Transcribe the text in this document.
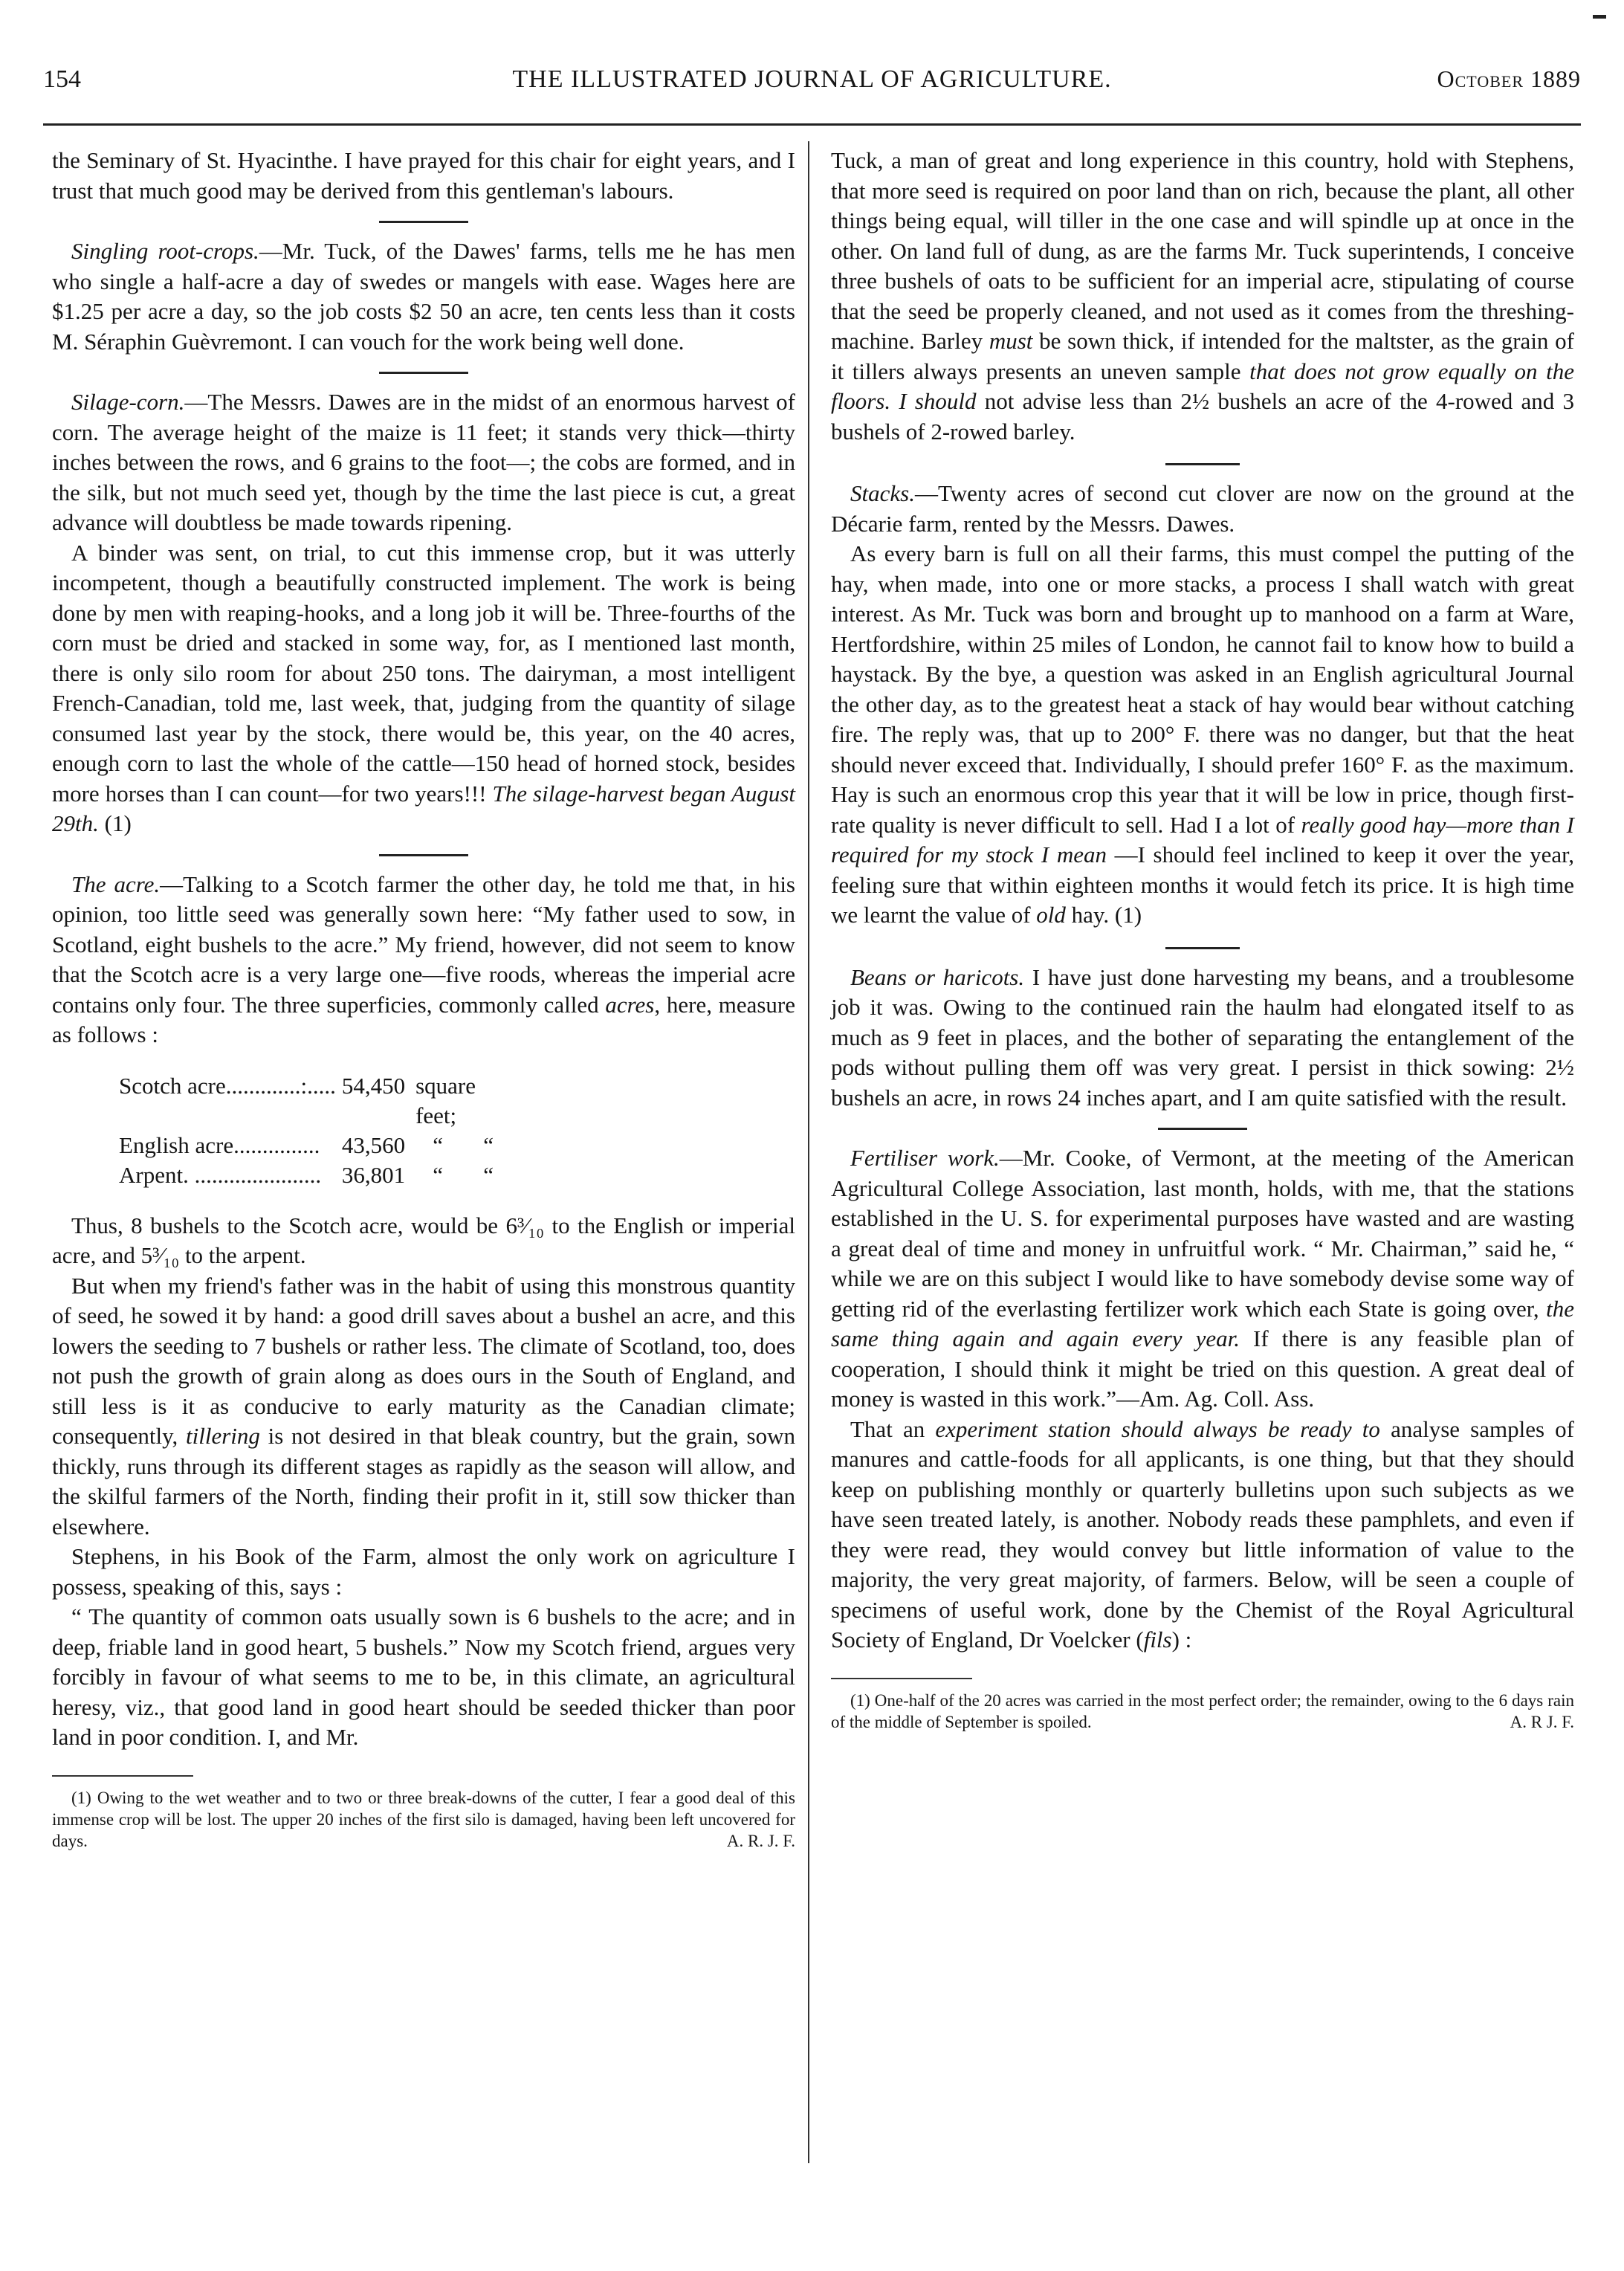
154	THE ILLUSTRATED JOURNAL OF AGRICULTURE.	October 1889

the Seminary of St. Hyacinthe. I have prayed for this chair for eight years, and I trust that much good may be derived from this gentleman's labours.

Singling root-crops.—Mr. Tuck, of the Dawes' farms, tells me he has men who single a half-acre a day of swedes or mangels with ease. Wages here are $1.25 per acre a day, so the job costs $2 50 an acre, ten cents less than it costs M. Séraphin Guèvremont. I can vouch for the work being well done.

Silage-corn.—The Messrs. Dawes are in the midst of an enormous harvest of corn. The average height of the maize is 11 feet; it stands very thick—thirty inches between the rows, and 6 grains to the foot—; the cobs are formed, and in the silk, but not much seed yet, though by the time the last piece is cut, a great advance will doubtless be made towards ripening.

A binder was sent, on trial, to cut this immense crop, but it was utterly incompetent, though a beautifully constructed implement. The work is being done by men with reaping-hooks, and a long job it will be. Three-fourths of the corn must be dried and stacked in some way, for, as I mentioned last month, there is only silo room for about 250 tons. The dairyman, a most intelligent French-Canadian, told me, last week, that, judging from the quantity of silage consumed last year by the stock, there would be, this year, on the 40 acres, enough corn to last the whole of the cattle—150 head of horned stock, besides more horses than I can count—for two years!!! The silage-harvest began August 29th. (1)

The acre.—Talking to a Scotch farmer the other day, he told me that, in his opinion, too little seed was generally sown here: “My father used to sow, in Scotland, eight bushels to the acre.” My friend, however, did not seem to know that the Scotch acre is a very large one—five roods, whereas the imperial acre contains only four. The three superficies, commonly called acres, here, measure as follows :

Scotch acre.............:.....	54,450	square feet;	
English acre...............	43,560	“	“
Arpent. ......................	36,801	“	“

Thus, 8 bushels to the Scotch acre, would be 6³⁄₁₀ to the English or imperial acre, and 5³⁄₁₀ to the arpent.

But when my friend's father was in the habit of using this monstrous quantity of seed, he sowed it by hand: a good drill saves about a bushel an acre, and this lowers the seeding to 7 bushels or rather less. The climate of Scotland, too, does not push the growth of grain along as does ours in the South of England, and still less is it as conducive to early maturity as the Canadian climate; consequently, tillering is not desired in that bleak country, but the grain, sown thickly, runs through its different stages as rapidly as the season will allow, and the skilful farmers of the North, finding their profit in it, still sow thicker than elsewhere.

Stephens, in his Book of the Farm, almost the only work on agriculture I possess, speaking of this, says :

“ The quantity of common oats usually sown is 6 bushels to the acre; and in deep, friable land in good heart, 5 bushels.” Now my Scotch friend, argues very forcibly in favour of what seems to me to be, in this climate, an agricultural heresy, viz., that good land in good heart should be seeded thicker than poor land in poor condition. I, and Mr.

(1) Owing to the wet weather and to two or three break-downs of the cutter, I fear a good deal of this immense crop will be lost. The upper 20 inches of the first silo is damaged, having been left uncovered for days.	A. R. J. F.

Tuck, a man of great and long experience in this country, hold with Stephens, that more seed is required on poor land than on rich, because the plant, all other things being equal, will tiller in the one case and will spindle up at once in the other. On land full of dung, as are the farms Mr. Tuck superintends, I conceive three bushels of oats to be sufficient for an imperial acre, stipulating of course that the seed be properly cleaned, and not used as it comes from the threshing-machine. Barley must be sown thick, if intended for the maltster, as the grain of it tillers always presents an uneven sample that does not grow equally on the floors. I should not advise less than 2½ bushels an acre of the 4-rowed and 3 bushels of 2-rowed barley.

Stacks.—Twenty acres of second cut clover are now on the ground at the Décarie farm, rented by the Messrs. Dawes.

As every barn is full on all their farms, this must compel the putting of the hay, when made, into one or more stacks, a process I shall watch with great interest. As Mr. Tuck was born and brought up to manhood on a farm at Ware, Hertfordshire, within 25 miles of London, he cannot fail to know how to build a haystack. By the bye, a question was asked in an English agricultural Journal the other day, as to the greatest heat a stack of hay would bear without catching fire. The reply was, that up to 200° F. there was no danger, but that the heat should never exceed that. Individually, I should prefer 160° F. as the maximum. Hay is such an enormous crop this year that it will be low in price, though first-rate quality is never difficult to sell. Had I a lot of really good hay—more than I required for my stock I mean —I should feel inclined to keep it over the year, feeling sure that within eighteen months it would fetch its price. It is high time we learnt the value of old hay. (1)

Beans or haricots. I have just done harvesting my beans, and a troublesome job it was. Owing to the continued rain the haulm had elongated itself to as much as 9 feet in places, and the bother of separating the entanglement of the pods without pulling them off was very great. I persist in thick sowing: 2½ bushels an acre, in rows 24 inches apart, and I am quite satisfied with the result.

Fertiliser work.—Mr. Cooke, of Vermont, at the meeting of the American Agricultural College Association, last month, holds, with me, that the stations established in the U. S. for experimental purposes have wasted and are wasting a great deal of time and money in unfruitful work. “ Mr. Chairman,” said he, “ while we are on this subject I would like to have somebody devise some way of getting rid of the everlasting fertilizer work which each State is going over, the same thing again and again every year. If there is any feasible plan of cooperation, I should think it might be tried on this question. A great deal of money is wasted in this work.”—Am. Ag. Coll. Ass.

That an experiment station should always be ready to analyse samples of manures and cattle-foods for all applicants, is one thing, but that they should keep on publishing monthly or quarterly bulletins upon such subjects as we have seen treated lately, is another. Nobody reads these pamphlets, and even if they were read, they would convey but little information of value to the majority, the very great majority, of farmers. Below, will be seen a couple of specimens of useful work, done by the Chemist of the Royal Agricultural Society of England, Dr Voelcker (fils) :

(1) One-half of the 20 acres was carried in the most perfect order; the remainder, owing to the 6 days rain of the middle of September is spoiled.	A. R J. F.
